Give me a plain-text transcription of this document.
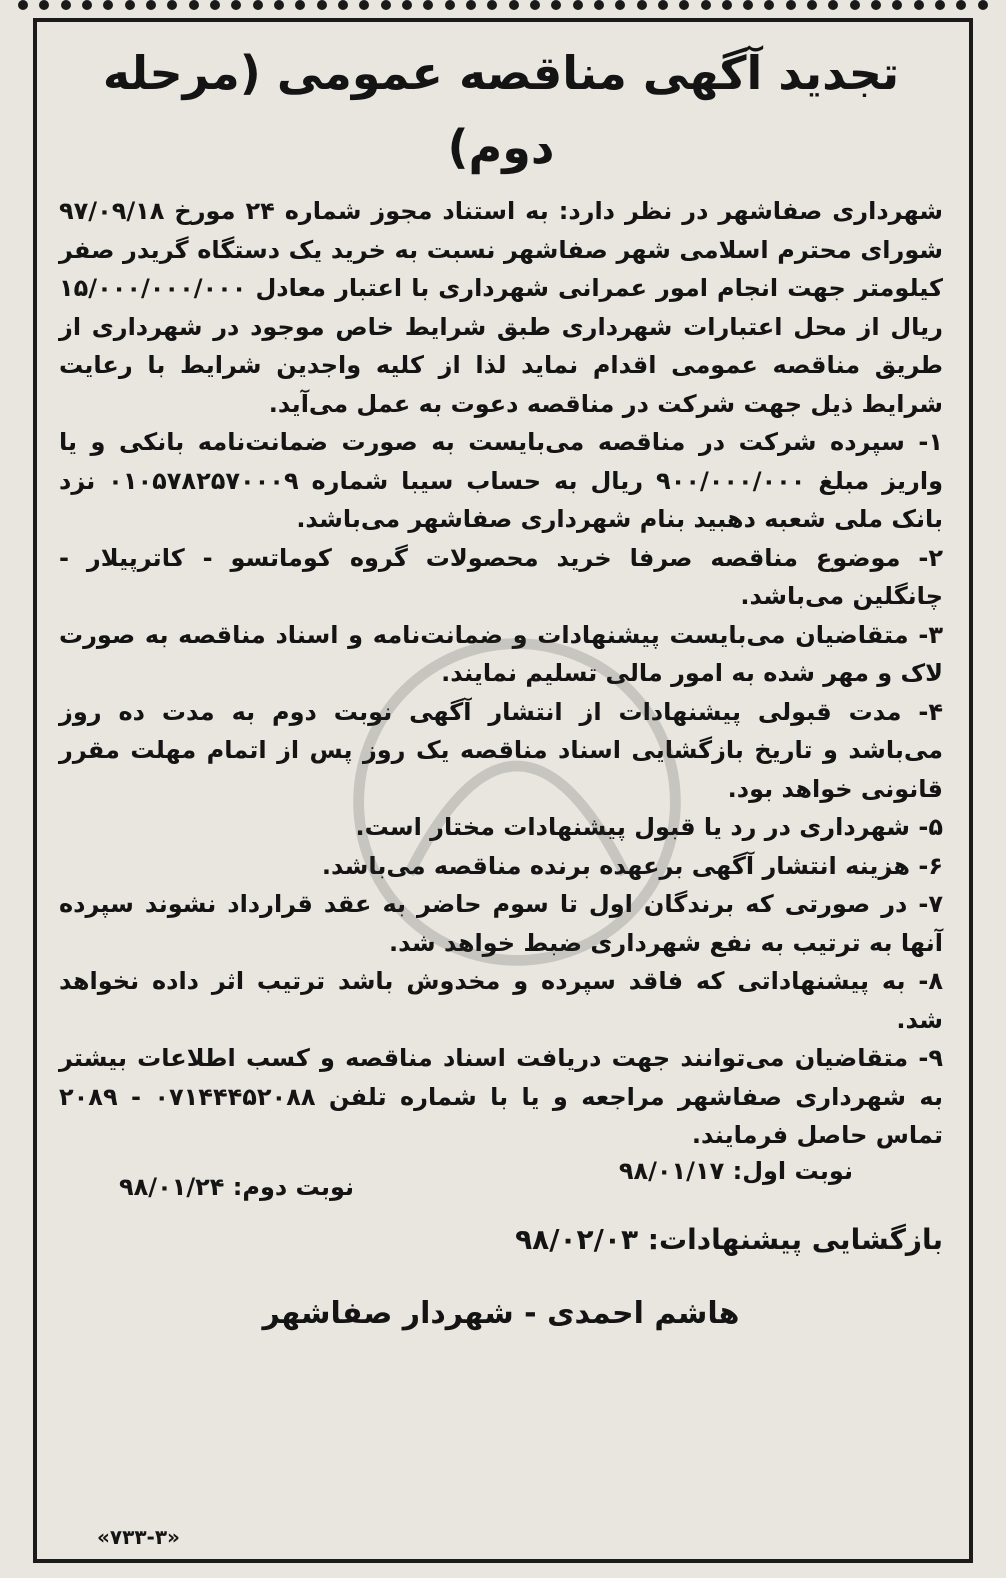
تجدید آگهی مناقصه عمومی (مرحله دوم)

شهرداری صفاشهر در نظر دارد: به استناد مجوز شماره ۲۴ مورخ ۹۷/۰۹/۱۸ شورای محترم اسلامی شهر صفاشهر نسبت به خرید یک دستگاه گریدر صفر کیلومتر جهت انجام امور عمرانی شهرداری با اعتبار معادل ۱۵/۰۰۰/۰۰۰/۰۰۰ ریال از محل اعتبارات شهرداری طبق شرایط خاص موجود در شهرداری از طریق مناقصه عمومی اقدام نماید لذا از کلیه واجدین شرایط با رعایت شرایط ذیل جهت شرکت در مناقصه دعوت به عمل می‌آید.

۱- سپرده شرکت در مناقصه می‌بایست به صورت ضمانت‌نامه بانکی و یا واریز مبلغ ۹۰۰/۰۰۰/۰۰۰ ریال به حساب سیبا شماره ۰۱۰۵۷۸۲۵۷۰۰۰۹ نزد بانک ملی شعبه دهبید بنام شهرداری صفاشهر می‌باشد.

۲- موضوع مناقصه صرفا خرید محصولات گروه کوماتسو - کاترپیلار - چانگلین می‌باشد.

۳- متقاضیان می‌بایست پیشنهادات و ضمانت‌نامه و اسناد مناقصه به صورت لاک و مهر شده به امور مالی تسلیم نمایند.

۴- مدت قبولی پیشنهادات از انتشار آگهی نوبت دوم به مدت ده روز می‌باشد و تاریخ بازگشایی اسناد مناقصه یک روز پس از اتمام مهلت مقرر قانونی خواهد بود.

۵- شهرداری در رد یا قبول پیشنهادات مختار است.

۶- هزینه انتشار آگهی برعهده برنده مناقصه می‌باشد.

۷- در صورتی که برندگان اول تا سوم حاضر به عقد قرارداد نشوند سپرده آنها به ترتیب به نفع شهرداری ضبط خواهد شد.

۸- به پیشنهاداتی که فاقد سپرده و مخدوش باشد ترتیب اثر داده نخواهد شد.

۹- متقاضیان می‌توانند جهت دریافت اسناد مناقصه و کسب اطلاعات بیشتر به شهرداری صفاشهر مراجعه و یا با شماره تلفن ۰۷۱۴۴۴۵۲۰۸۸ - ۲۰۸۹ تماس حاصل فرمایند.

نوبت اول: ۹۸/۰۱/۱۷
نوبت دوم: ۹۸/۰۱/۲۴
بازگشایی پیشنهادات: ۹۸/۰۲/۰۳
هاشم احمدی - شهردار صفاشهر
«۷۳۳-۳»
